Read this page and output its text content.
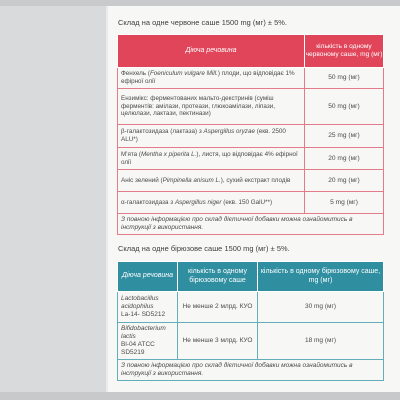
Склад на одне червоне саше 1500 mg (мг) ± 5%.
Діюча речовина	кількість в одному червоному саше, mg (мг)
Фенхель (Foeniculum vulgare Mill.) плоди, що відповідає 1% ефірної олії	50 mg (мг)
Ензимікс: ферментованих мальто-декстринів (суміш ферментів: амілази, протеази, глюкоамілази, ліпази, целюлази, лактази, пектинази)	50 mg (мг)
β-галактозидаза (лактаза) з Aspergillus oryzae (екв. 2500 ALU*)	25 mg (мг)
М'ята (Mentha x piperita L.), листя, що відповідає 4% ефірної олії	20 mg (мг)
Аніс зелений (Pimpinella anisum L.), сухий екстракт плодів	20 mg (мг)
α-галактозидаза з Aspergillus niger (екв. 150 GalU**)	5 mg (мг)
З повною інформацією про склад дієтичної добавки можна ознайомитись в інструкції з використання.	
Склад на одне бірюзове саше 1500 mg (мг) ± 5%.
Діюча речовина	кількість в одному бірюзовому саше	кількість в одному бірюзовому саше, mg (мг)
Lactobacillus acidophilus
La-14- SD5212	Не менше 2 млрд. КУО	30 mg (мг)
Bifidobacterium lactis
Bl-04 ATCC SD5219	Не менше 3 млрд. КУО	18 mg (мг)
З повною інформацією про склад дієтичної добавки можна ознайомитись в інструкції з використання.		
